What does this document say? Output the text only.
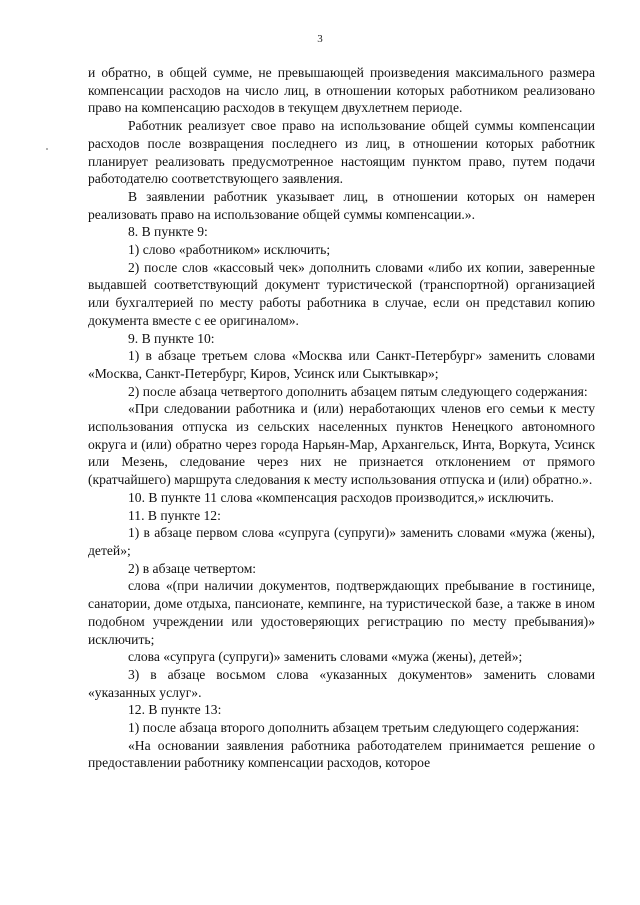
3

и обратно, в общей сумме, не превышающей произведения максимального размера компенсации расходов на число лиц, в отношении которых работником реализовано право на компенсацию расходов в текущем двухлетнем периоде.

Работник реализует свое право на использование общей суммы компенсации расходов после возвращения последнего из лиц, в отношении которых работник планирует реализовать предусмотренное настоящим пунктом право, путем подачи работодателю соответствующего заявления.

В заявлении работник указывает лиц, в отношении которых он намерен реализовать право на использование общей суммы компенсации.».

8. В пункте 9:

1) слово «работником» исключить;

2) после слов «кассовый чек» дополнить словами «либо их копии, заверенные выдавшей соответствующий документ туристической (транспортной) организацией или бухгалтерией по месту работы работника в случае, если он представил копию документа вместе с ее оригиналом».

9. В пункте 10:

1) в абзаце третьем слова «Москва или Санкт-Петербург» заменить словами «Москва, Санкт-Петербург, Киров, Усинск или Сыктывкар»;

2) после абзаца четвертого дополнить абзацем пятым следующего содержания:

«При следовании работника и (или) неработающих членов его семьи к месту использования отпуска из сельских населенных пунктов Ненецкого автономного округа и (или) обратно через города Нарьян-Мар, Архангельск, Инта, Воркута, Усинск или Мезень, следование через них не признается отклонением от прямого (кратчайшего) маршрута следования к месту использования отпуска и (или) обратно.».

10. В пункте 11 слова «компенсация расходов производится,» исключить.

11. В пункте 12:

1) в абзаце первом слова «супруга (супруги)» заменить словами «мужа (жены), детей»;

2) в абзаце четвертом:

слова «(при наличии документов, подтверждающих пребывание в гостинице, санатории, доме отдыха, пансионате, кемпинге, на туристической базе, а также в ином подобном учреждении или удостоверяющих регистрацию по месту пребывания)» исключить;

слова «супруга (супруги)» заменить словами «мужа (жены), детей»;

3) в абзаце восьмом слова «указанных документов» заменить словами «указанных услуг».

12. В пункте 13:

1) после абзаца второго дополнить абзацем третьим следующего содержания:

«На основании заявления работника работодателем принимается решение о предоставлении работнику компенсации расходов, которое
